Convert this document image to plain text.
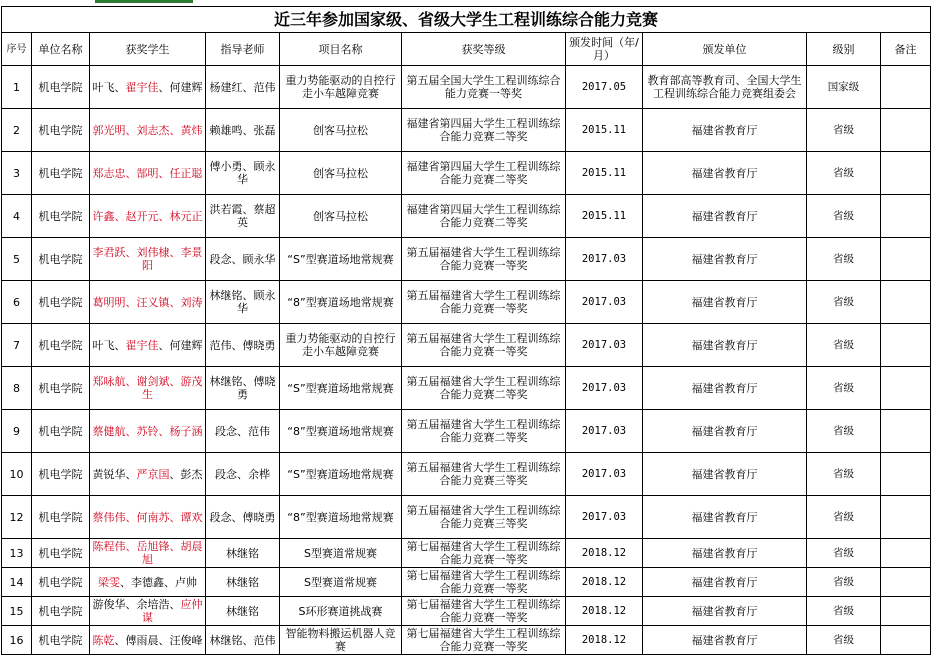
近三年参加国家级、省级大学生工程训练综合能力竞赛									
序号	单位名称	获奖学生	指导老师	项目名称	获奖等级	颁发时间（年/月）	颁发单位	级别	备注
1	机电学院	叶飞、翟宇佳、何建辉	杨建红、范伟	重力势能驱动的自控行走小车越障竞赛	第五届全国大学生工程训练综合能力竞赛一等奖	2017.05	教育部高等教育司、全国大学生工程训练综合能力竞赛组委会	国家级	
2	机电学院	郭光明、刘志杰、黄炜	赖雄鸣、张磊	创客马拉松	福建省第四届大学生工程训练综合能力竞赛二等奖	2015.11	福建省教育厅	省级	
3	机电学院	郑志忠、郜明、任正聪	傅小勇、顾永华	创客马拉松	福建省第四届大学生工程训练综合能力竞赛二等奖	2015.11	福建省教育厅	省级	
4	机电学院	许鑫、赵开元、林元正	洪若霞、蔡超英	创客马拉松	福建省第四届大学生工程训练综合能力竞赛二等奖	2015.11	福建省教育厅	省级	
5	机电学院	李君跃、刘伟棣、李景阳	段念、顾永华	“S”型赛道场地常规赛	第五届福建省大学生工程训练综合能力竞赛一等奖	2017.03	福建省教育厅	省级	
6	机电学院	葛明明、汪义镇、刘涛	林继铭、顾永华	“8”型赛道场地常规赛	第五届福建省大学生工程训练综合能力竞赛一等奖	2017.03	福建省教育厅	省级	
7	机电学院	叶飞、翟宇佳、何建辉	范伟、傅晓勇	重力势能驱动的自控行走小车越障竞赛	第五届福建省大学生工程训练综合能力竞赛一等奖	2017.03	福建省教育厅	省级	
8	机电学院	郑咏航、谢剑斌、游茂生	林继铭、傅晓勇	“S”型赛道场地常规赛	第五届福建省大学生工程训练综合能力竞赛二等奖	2017.03	福建省教育厅	省级	
9	机电学院	蔡健航、苏铃、杨子涵	段念、范伟	“8”型赛道场地常规赛	第五届福建省大学生工程训练综合能力竞赛二等奖	2017.03	福建省教育厅	省级	
10	机电学院	黄锐华、严京国、彭杰	段念、余桦	“S”型赛道场地常规赛	第五届福建省大学生工程训练综合能力竞赛三等奖	2017.03	福建省教育厅	省级	
12	机电学院	蔡伟伟、何南苏、谭欢	段念、傅晓勇	“8”型赛道场地常规赛	第五届福建省大学生工程训练综合能力竞赛三等奖	2017.03	福建省教育厅	省级	
13	机电学院	陈程伟、岳旭锋、胡晨旭	林继铭	S型赛道常规赛	第七届福建省大学生工程训练综合能力竞赛一等奖	2018.12	福建省教育厅	省级	
14	机电学院	梁雯、李德鑫、卢帅	林继铭	S型赛道常规赛	第七届福建省大学生工程训练综合能力竞赛一等奖	2018.12	福建省教育厅	省级	
15	机电学院	游俊华、余培浩、应仲谋	林继铭	S环形赛道挑战赛	第七届福建省大学生工程训练综合能力竞赛一等奖	2018.12	福建省教育厅	省级	
16	机电学院	陈乾、傅雨晨、汪俊峰	林继铭、范伟	智能物料搬运机器人竞赛	第七届福建省大学生工程训练综合能力竞赛一等奖	2018.12	福建省教育厅	省级	
